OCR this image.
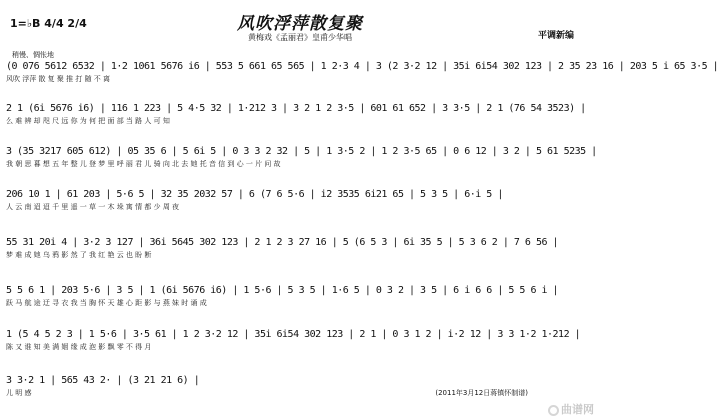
1=♭B 4/4 2/4	风吹浮萍散复聚
黄梅戏《孟丽君》皇甫少华唱	平调新编
稍慢、惆怅地
(0 076 5612 6532 | 1·2 1061 5676 i6 | 553 5 661 65 565 | 1 2·3 4 | 3 (2 3·2 12 | 35i 6i54 302 123 | 2 35 23 16 | 203 5 i 65 3·5 |
风吹 浮萍 散 复 聚 推 打 随 不 离
2 1 (6i 5676 i6) | 116 1 223 | 5 4·5 32 | 1·212 3 | 3 2 1 2 3·5 | 601 61 652 | 3 3·5 | 2 1 (76 54 3523) |
么 难 辨 却 咫 尺 远 你 为 何 把 面 部 当 路 人 可 知
3 (35 3217 605 612) | 05 35 6 | 5 6i 5 | 0 3 3 2 32 | 5 | 1 3·5 2 | 1 2 3·5 65 | 0 6 12 | 3 2 | 5 61 5235 |
我 朝 思 暮 想 五 年 整 儿 登 梦 里 呼 丽 君 儿 骑 向 北 去 她 托 音 信 到 心 一 片 问 故
206 10 1 | 61 203 | 5·6 5 | 32 35 2032 57 | 6 (7 6 5·6 | i2 3535 6i21 65 | 5 3 5 | 6·i 5 |
人 云 南 迢 迢 千 里 遥 一 草 一 木 垛 寓 情 都 少 周 夜
55 31 20i 4 | 3·2 3 127 | 36i 5645 302 123 | 2 1 2 3 27 16 | 5 (6 5 3 | 6i 35 5 | 5 3 6 2 | 7 6 56 |
梦 难 成 她 乌 鸦 影 然 了 我 红 艳 云 也 盼 断
5 5 6 1 | 203 5·6 | 3 5 | 1 (6i 5676 i6) | 1 5·6 | 5 3 5 | 1·6 5 | 0 3 2 | 3 5 | 6 i 6 6 | 5 5 6 i |
跃 马 航 途 迂 寻 衣 我 当 胸 怀 天 雄 心 距 影 与 燕 妹 时 诵 成
1 (5 4 5 2 3 | 1 5·6 | 3·5 61 | 1 2 3·2 12 | 35i 6i54 302 123 | 2 1 | 0 3 1 2 | i·2 12 | 3 3 1·2 1·212 |
陈 又 谁 知 美 满 姻 缘 成 泡 影 飘 零 不 得 月
3 3·2 1 | 565 43 2· | (3 21 21 6) |
儿 明 感	(2011年3月12日蒋镇怀制谱)
曲谱网
